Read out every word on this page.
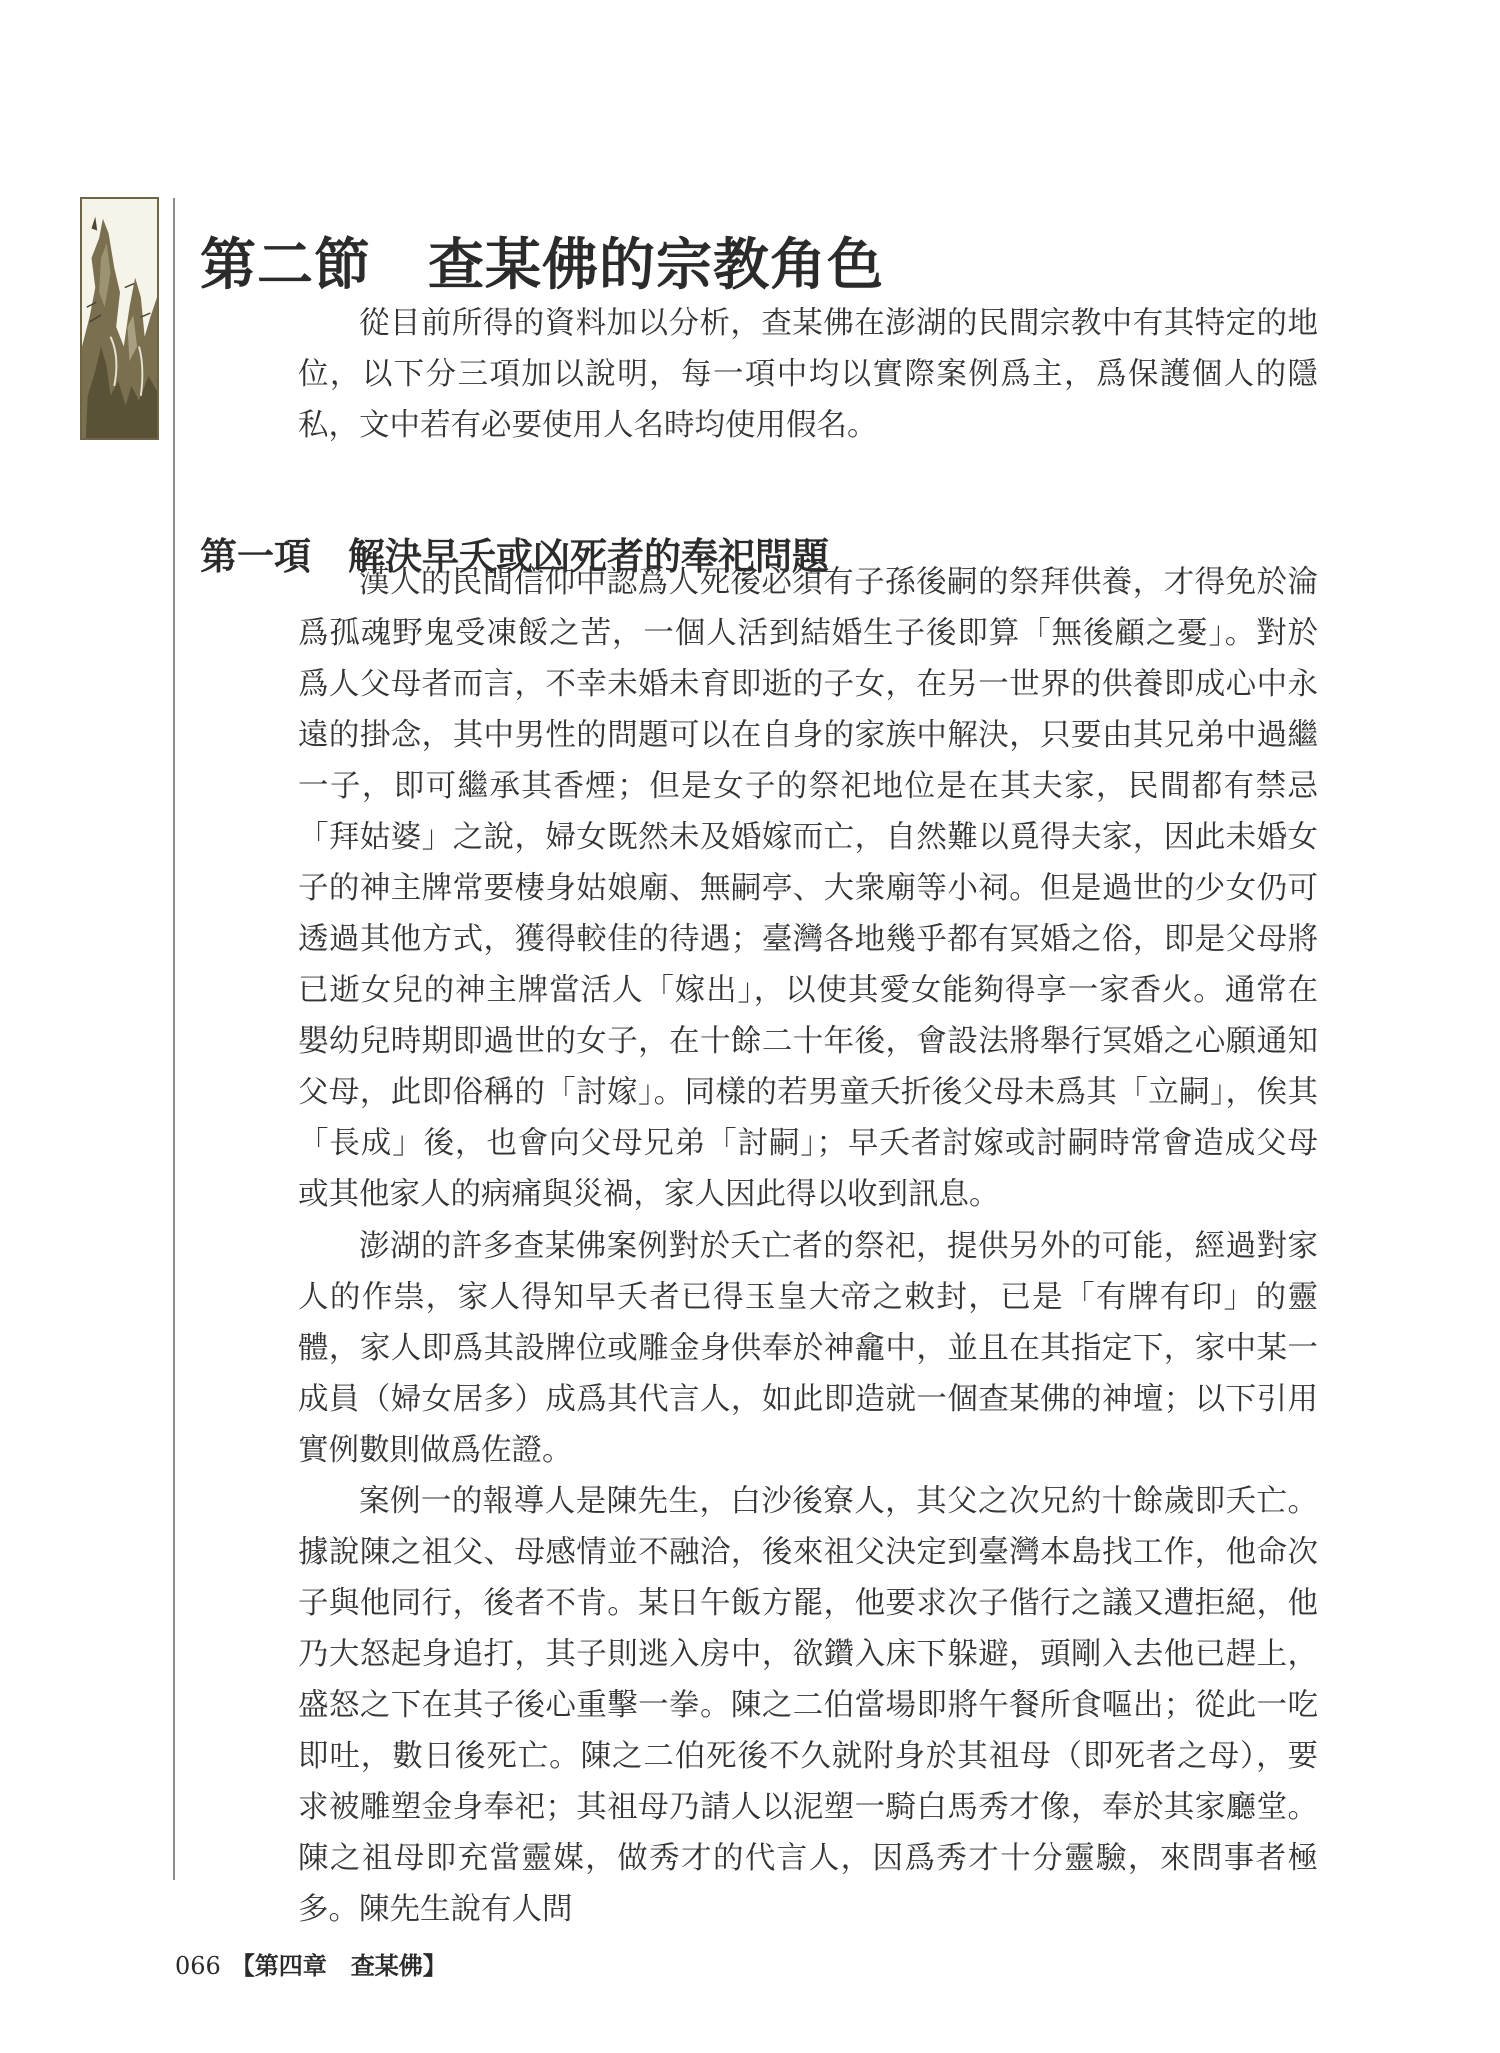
第二節　查某佛的宗教角色

從目前所得的資料加以分析，查某佛在澎湖的民間宗教中有其特定的地位，以下分三項加以說明，每一項中均以實際案例爲主，爲保護個人的隱私，文中若有必要使用人名時均使用假名。

第一項　解決早夭或凶死者的奉祀問題

漢人的民間信仰中認爲人死後必須有子孫後嗣的祭拜供養，才得免於淪爲孤魂野鬼受凍餒之苦，一個人活到結婚生子後即算「無後顧之憂」。對於爲人父母者而言，不幸未婚未育即逝的子女，在另一世界的供養即成心中永遠的掛念，其中男性的問題可以在自身的家族中解決，只要由其兄弟中過繼一子，即可繼承其香煙；但是女子的祭祀地位是在其夫家，民間都有禁忌「拜姑婆」之說，婦女既然未及婚嫁而亡，自然難以覓得夫家，因此未婚女子的神主牌常要棲身姑娘廟、無嗣亭、大衆廟等小祠。但是過世的少女仍可透過其他方式，獲得較佳的待遇；臺灣各地幾乎都有冥婚之俗，即是父母將已逝女兒的神主牌當活人「嫁出」，以使其愛女能夠得享一家香火。通常在嬰幼兒時期即過世的女子，在十餘二十年後，會設法將舉行冥婚之心願通知父母，此即俗稱的「討嫁」。同樣的若男童夭折後父母未爲其「立嗣」，俟其「長成」後，也會向父母兄弟「討嗣」；早夭者討嫁或討嗣時常會造成父母或其他家人的病痛與災禍，家人因此得以收到訊息。

澎湖的許多查某佛案例對於夭亡者的祭祀，提供另外的可能，經過對家人的作祟，家人得知早夭者已得玉皇大帝之敕封，已是「有牌有印」的靈體，家人即爲其設牌位或雕金身供奉於神龕中，並且在其指定下，家中某一成員（婦女居多）成爲其代言人，如此即造就一個查某佛的神壇；以下引用實例數則做爲佐證。

案例一的報導人是陳先生，白沙後寮人，其父之次兄約十餘歲即夭亡。據說陳之祖父、母感情並不融洽，後來祖父決定到臺灣本島找工作，他命次子與他同行，後者不肯。某日午飯方罷，他要求次子偕行之議又遭拒絕，他乃大怒起身追打，其子則逃入房中，欲鑽入床下躲避，頭剛入去他已趕上，盛怒之下在其子後心重擊一拳。陳之二伯當場即將午餐所食嘔出；從此一吃即吐，數日後死亡。陳之二伯死後不久就附身於其祖母（即死者之母），要求被雕塑金身奉祀；其祖母乃請人以泥塑一騎白馬秀才像，奉於其家廳堂。陳之祖母即充當靈媒，做秀才的代言人，因爲秀才十分靈驗，來問事者極多。陳先生說有人問

066 【第四章　查某佛】
